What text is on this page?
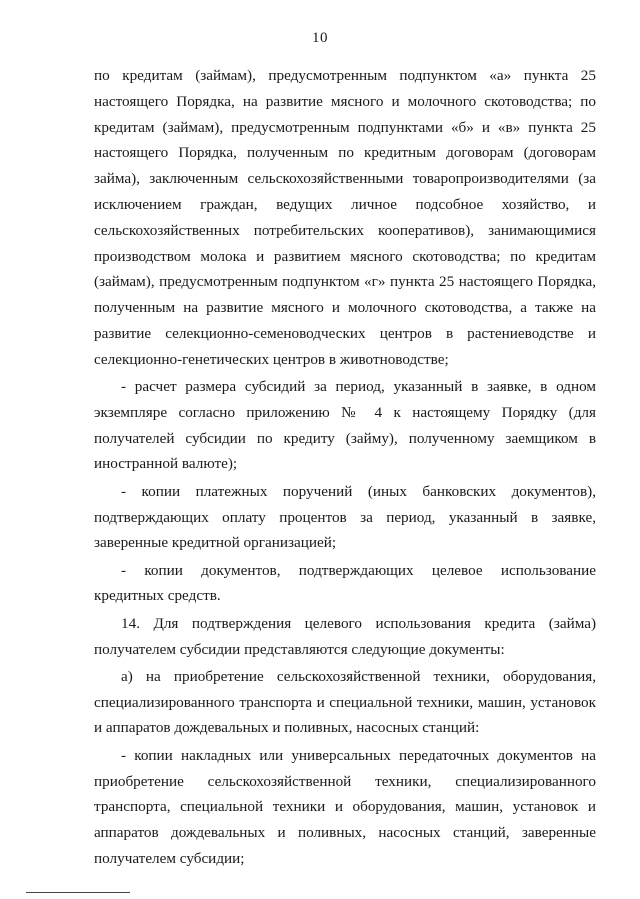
10

по кредитам (займам), предусмотренным подпунктом «а» пункта 25 настоящего Порядка, на развитие мясного и молочного скотоводства; по кредитам (займам), предусмотренным подпунктами «б» и «в» пункта 25 настоящего Порядка, полученным по кредитным договорам (договорам займа), заключенным сельскохозяйственными товаропроизводителями (за исключением граждан, ведущих личное подсобное хозяйство, и сельскохозяйственных потребительских кооперативов), занимающимися производством молока и развитием мясного скотоводства; по кредитам (займам), предусмотренным подпунктом «г» пункта 25 настоящего Порядка, полученным на развитие мясного и молочного скотоводства, а также на развитие селекционно-семеноводческих центров в растениеводстве и селекционно-генетических центров в животноводстве;

- расчет размера субсидий за период, указанный в заявке, в одном экземпляре согласно приложению № 4 к настоящему Порядку (для получателей субсидии по кредиту (займу), полученному заемщиком в иностранной валюте);

- копии платежных поручений (иных банковских документов), подтверждающих оплату процентов за период, указанный в заявке, заверенные кредитной организацией;

- копии документов, подтверждающих целевое использование кредитных средств.

14. Для подтверждения целевого использования кредита (займа) получателем субсидии представляются следующие документы:

а) на приобретение сельскохозяйственной техники, оборудования, специализированного транспорта и специальной техники, машин, установок и аппаратов дождевальных и поливных, насосных станций:

- копии накладных или универсальных передаточных документов на приобретение сельскохозяйственной техники, специализированного транспорта, специальной техники и оборудования, машин, установок и аппаратов дождевальных и поливных, насосных станций, заверенные получателем субсидии;
